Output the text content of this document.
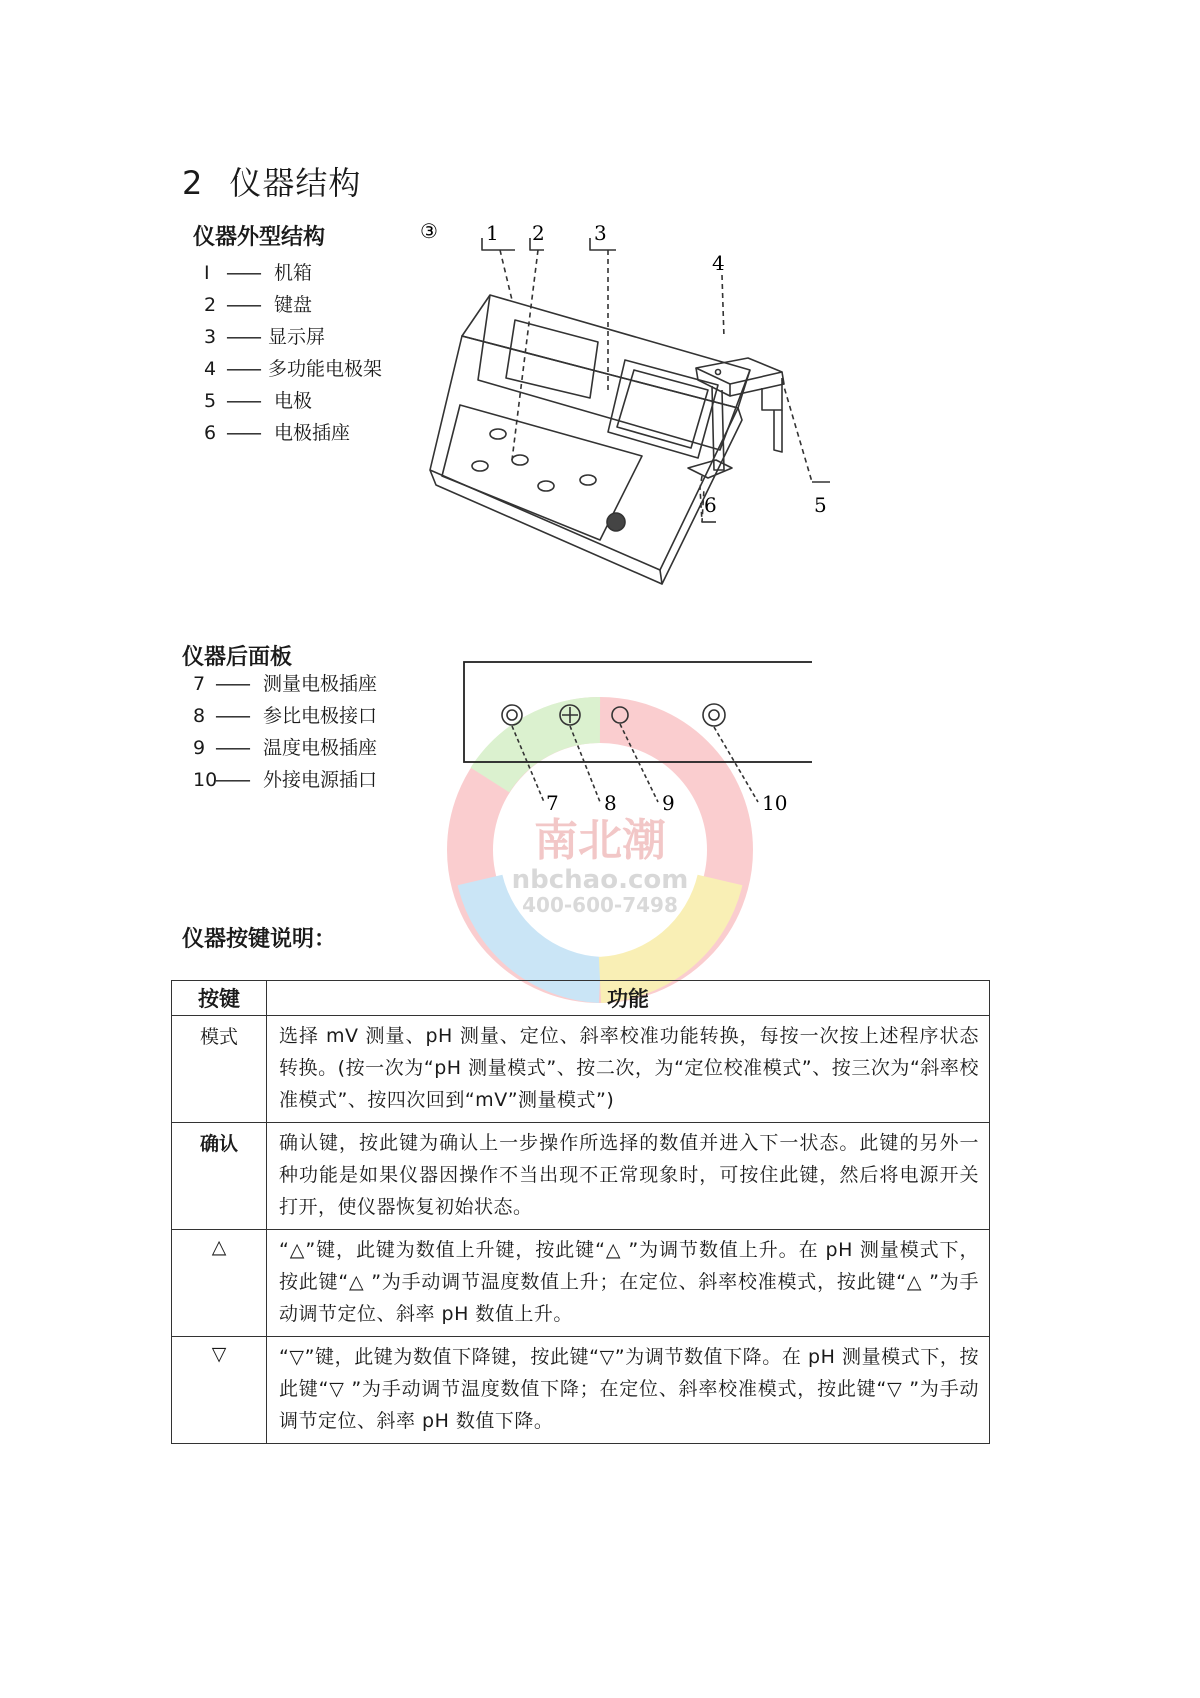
2 仪器结构
仪器外型结构
I —— 机箱
2 —— 键盘
3 —— 显示屏
4 —— 多功能电极架
5 —— 电极
6 —— 电极插座
③ 1 2 3
4
5
6
南北潮
nbchao.com
400-600-7498
仪器后面板
7 —— 测量电极插座
8 —— 参比电极接口
9 —— 温度电极插座
10—— 外接电源插口
7 8 9	10
仪器按键说明：
按键	功能
模式	选择 mV 测量、pH 测量、定位、斜率校准功能转换，每按一次按上述程序状态转换。(按一次为“pH 测量模式”、按二次，为“定位校准模式”、按三次为“斜率校准模式”、按四次回到“mV”测量模式”)
确认	确认键，按此键为确认上一步操作所选择的数值并进入下一状态。此键的另外一种功能是如果仪器因操作不当出现不正常现象时，可按住此键，然后将电源开关打开，使仪器恢复初始状态。
△	“△”键，此键为数值上升键，按此键“△ ”为调节数值上升。在 pH 测量模式下，按此键“△ ”为手动调节温度数值上升；在定位、斜率校准模式，按此键“△ ”为手动调节定位、斜率 pH 数值上升。
▽	“▽”键，此键为数值下降键，按此键“▽”为调节数值下降。在 pH 测量模式下，按此键“▽ ”为手动调节温度数值下降；在定位、斜率校准模式，按此键“▽ ”为手动调节定位、斜率 pH 数值下降。
